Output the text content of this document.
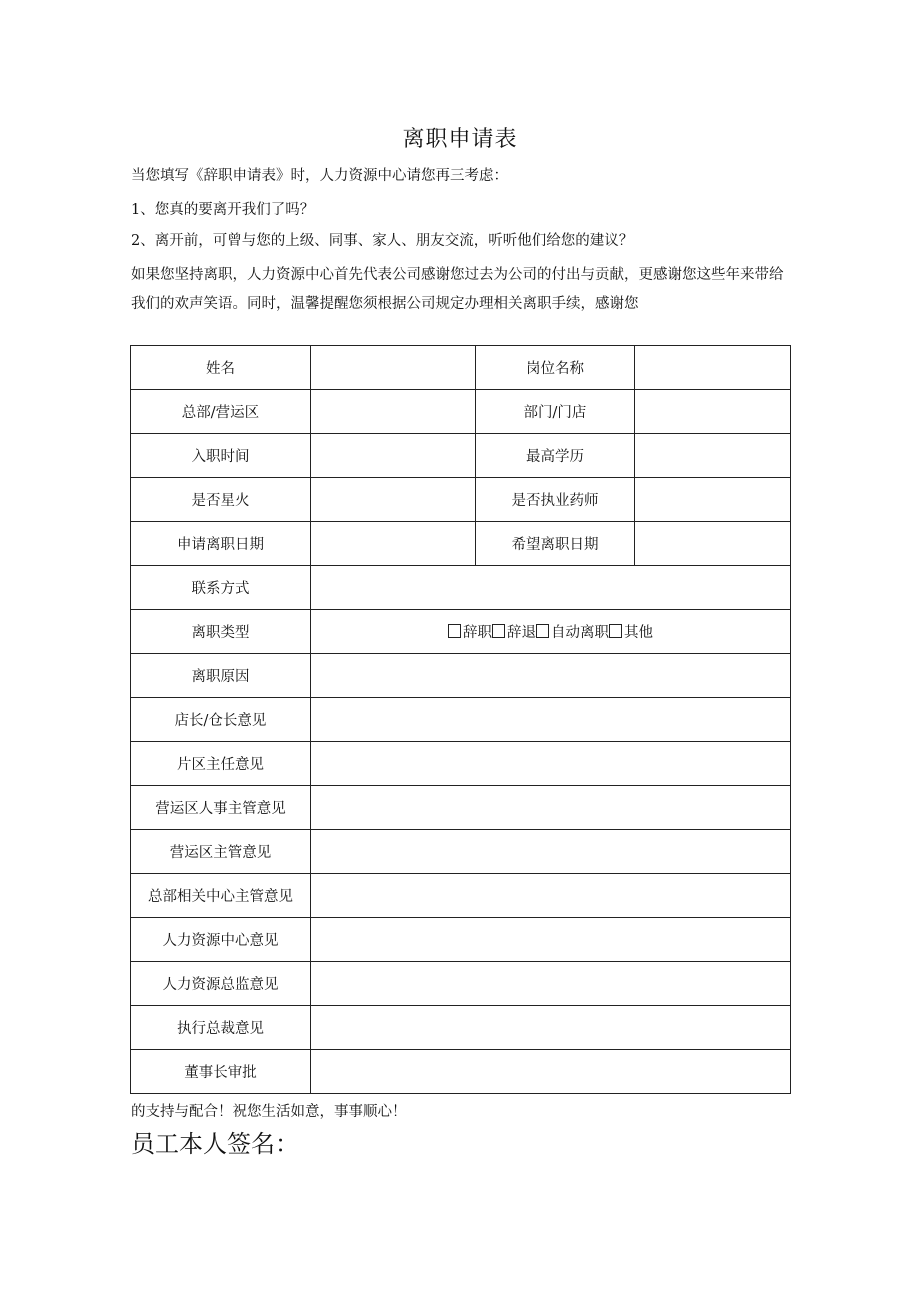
离职申请表
当您填写《辞职申请表》时，人力资源中心请您再三考虑：
1、您真的要离开我们了吗？
2、离开前，可曾与您的上级、同事、家人、朋友交流，听听他们给您的建议？
如果您坚持离职，人力资源中心首先代表公司感谢您过去为公司的付出与贡献，更感谢您这些年来带给我们的欢声笑语。同时，温馨提醒您须根据公司规定办理相关离职手续，感谢您
姓名		岗位名称	
总部/营运区		部门/门店	
入职时间		最高学历	
是否星火		是否执业药师	
申请离职日期		希望离职日期	
联系方式			
离职类型	辞职 辞退 自动离职 其他		
离职原因			
店长/仓长意见			
片区主任意见			
营运区人事主管意见			
营运区主管意见			
总部相关中心主管意见			
人力资源中心意见			
人力资源总监意见			
执行总裁意见			
董事长审批			
的支持与配合！祝您生活如意，事事顺心！
员工本人签名：
